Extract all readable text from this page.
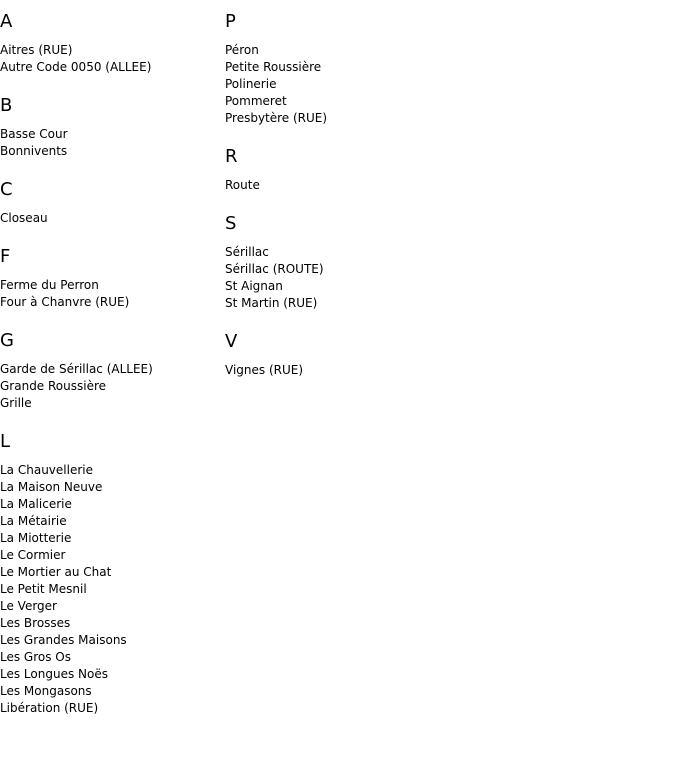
A
Aitres (RUE)
Autre Code 0050 (ALLEE)
B
Basse Cour
Bonnivents
C
Closeau
F
Ferme du Perron
Four à Chanvre (RUE)
G
Garde de Sérillac (ALLEE)
Grande Roussière
Grille
L
La Chauvellerie
La Maison Neuve
La Malicerie
La Métairie
La Miotterie
Le Cormier
Le Mortier au Chat
Le Petit Mesnil
Le Verger
Les Brosses
Les Grandes Maisons
Les Gros Os
Les Longues Noës
Les Mongasons
Libération (RUE)
P
Péron
Petite Roussière
Polinerie
Pommeret
Presbytère (RUE)
R
Route
S
Sérillac
Sérillac (ROUTE)
St Aignan
St Martin (RUE)
V
Vignes (RUE)
